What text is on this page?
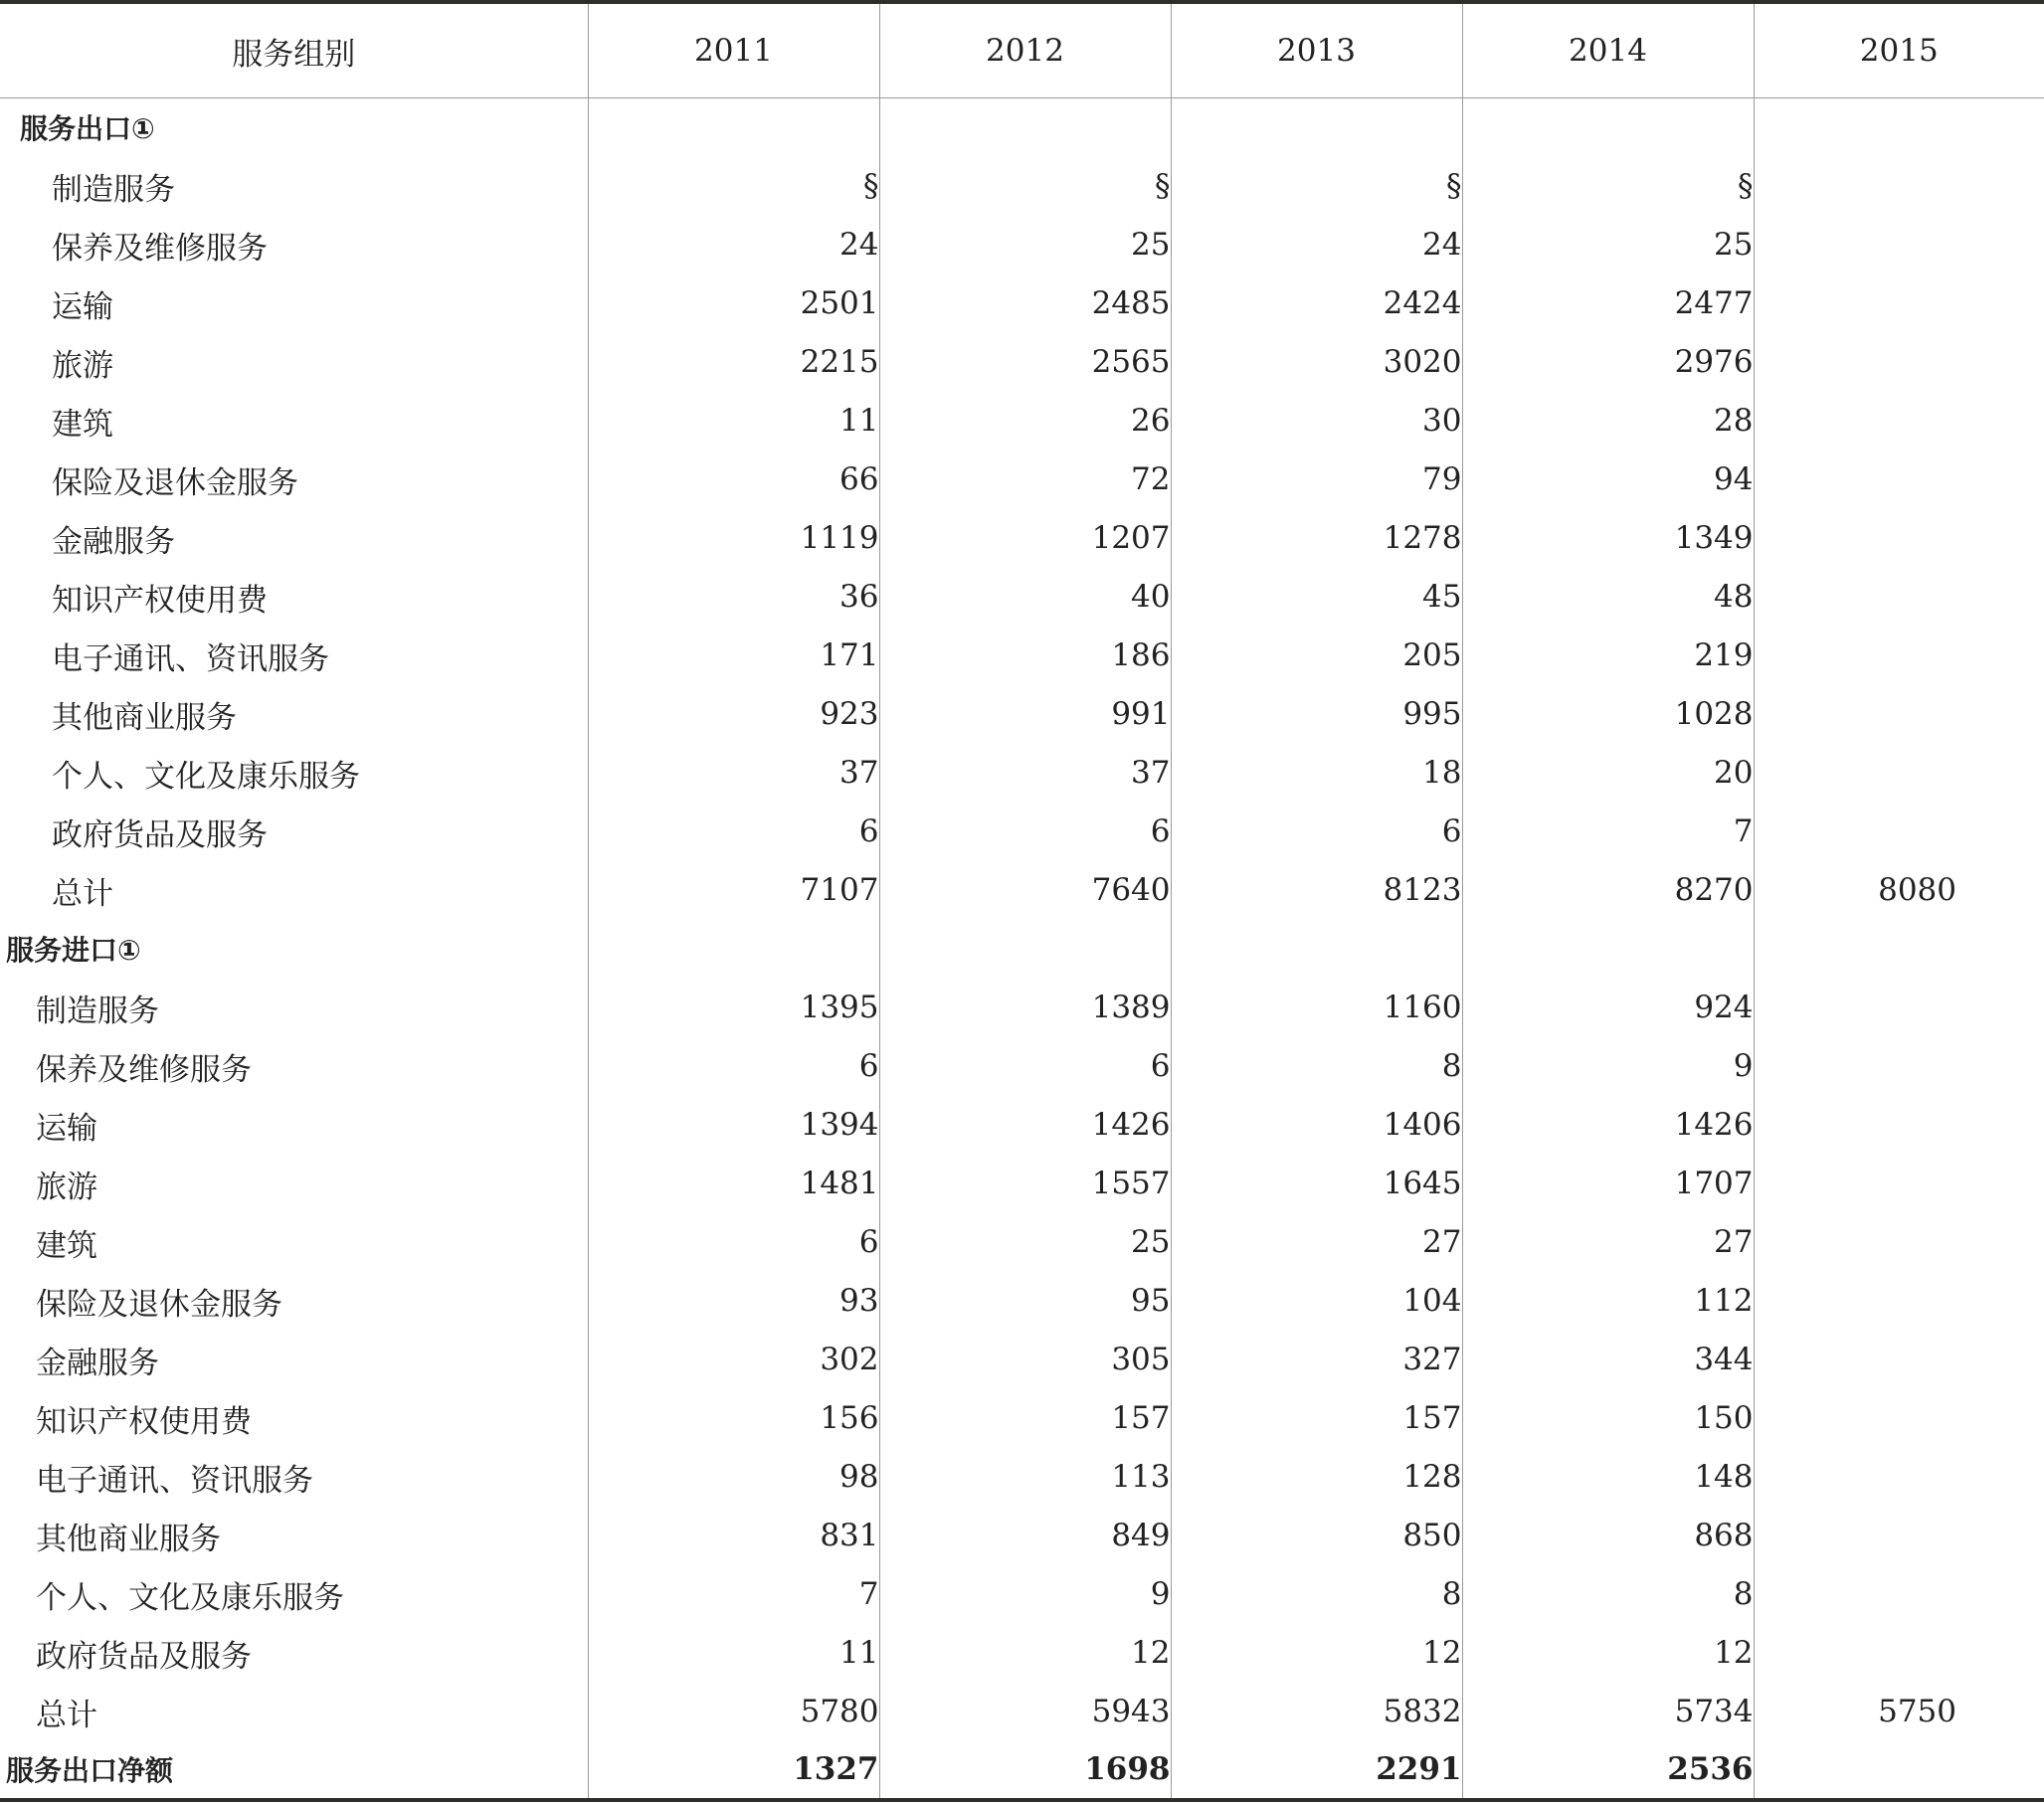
服务组别	2011	2012	2013	2014	2015
服务出口①					
制造服务	§	§	§	§	
保养及维修服务	24	25	24	25	
运输	2501	2485	2424	2477	
旅游	2215	2565	3020	2976	
建筑	11	26	30	28	
保险及退休金服务	66	72	79	94	
金融服务	1119	1207	1278	1349	
知识产权使用费	36	40	45	48	
电子通讯、资讯服务	171	186	205	219	
其他商业服务	923	991	995	1028	
个人、文化及康乐服务	37	37	18	20	
政府货品及服务	6	6	6	7	
总计	7107	7640	8123	8270	8080
服务进口①					
制造服务	1395	1389	1160	924	
保养及维修服务	6	6	8	9	
运输	1394	1426	1406	1426	
旅游	1481	1557	1645	1707	
建筑	6	25	27	27	
保险及退休金服务	93	95	104	112	
金融服务	302	305	327	344	
知识产权使用费	156	157	157	150	
电子通讯、资讯服务	98	113	128	148	
其他商业服务	831	849	850	868	
个人、文化及康乐服务	7	9	8	8	
政府货品及服务	11	12	12	12	
总计	5780	5943	5832	5734	5750
服务出口净额	1327	1698	2291	2536	
